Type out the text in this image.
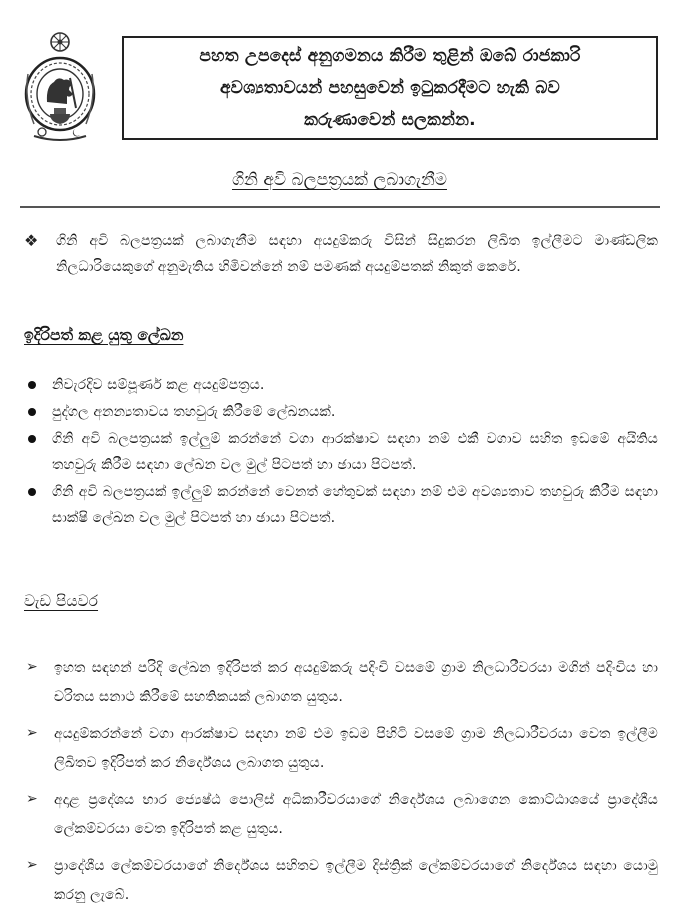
පහත උපදෙස් අනුගමනය කිරීම තුළින් ඔබේ රාජකාරි
අවශ්‍යතාවයන් පහසුවෙන් ඉටුකරදීමට හැකි බව
කරුණාවෙන් සලකන්න.
ගිනි අවි බලපත්‍රයක් ලබාගැනීම
❖	ගිනි අවි බලපත්‍රයක් ලබාගැනීම සඳහා අයදුම්කරු විසින් සිදුකරන ලිඛිත ඉල්ලීමට මාණ්ඩලික නිලධාරියෙකුගේ අනුමැතිය හිමිවන්නේ නම් පමණක් අයදුම්පතක් නිකුත් කෙරේ.
ඉදිරිපත් කළ යුතු ලේඛන
නිවැරදිව සම්පූර්ණ කළ අයදුම්පත්‍රය.
පුද්ගල අනන්‍යතාවය තහවුරු කිරීමේ ලේඛනයක්.
ගිනි අවි බලපත්‍රයක් ඉල්ලුම් කරන්නේ වගා ආරක්ෂාව සඳහා නම් එකී වගාව සහිත ඉඩමේ අයිතිය තහවුරු කිරීම සඳහා ලේඛන වල මුල් පිටපත් හා ඡායා පිටපත්.
ගිනි අවි බලපත්‍රයක් ඉල්ලුම් කරන්නේ වෙනත් හේතුවක් සඳහා නම් එම අවශ්‍යතාව තහවුරු කිරීම සඳහා සාක්ෂි ලේඛන වල මුල් පිටපත් හා ඡායා පිටපත්.
වැඩ පියවර
➢ ඉහත සඳහන් පරිදි ලේඛන ඉදිරිපත් කර අයදුම්කරු පදිංචි වසමේ ග්‍රාම නිලධාරීවරයා මගින් පදිංචිය හා චරිතය සනාථ කිරීමේ සහතිකයක් ලබාගත යුතුය.
➢ අයදුම්කරන්නේ වගා ආරක්ෂාව සඳහා නම් එම ඉඩම පිහිටි වසමේ ග්‍රාම නිලධාරීවරයා වෙත ඉල්ලීම ලිඛිතව ඉදිරිපත් කර නිර්දේශය ලබාගත යුතුය.
➢ අදාළ ප්‍රදේශය භාර ජ්‍යෙෂ්ඨ පොලිස් අධිකාරීවරයාගේ නිර්දේශය ලබාගෙන කොට්ඨාශයේ ප්‍රාදේශීය ලේකම්වරයා වෙත ඉදිරිපත් කළ යුතුය.
➢ ප්‍රාදේශීය ලේකම්වරයාගේ නිර්දේශය සහිතව ඉල්ලීම දිස්ත්‍රික් ලේකම්වරයාගේ නිර්දේශය සඳහා යොමු කරනු ලැබේ.
